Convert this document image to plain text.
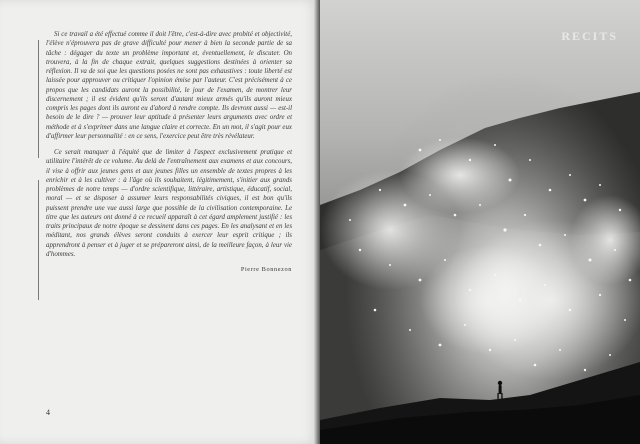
Si ce travail a été effectué comme il doit l'être, c'est-à-dire avec probité et objectivité, l'élève n'éprouvera pas de grave difficulté pour mener à bien la seconde partie de sa tâche : dégager du texte un problème important et, éventuellement, le discuter. On trouvera, à la fin de chaque extrait, quelques suggestions destinées à orienter sa réflexion. Il va de soi que les questions posées ne sont pas exhaustives : toute liberté est laissée pour approuver ou critiquer l'opinion émise par l'auteur. C'est précisément à ce propos que les candidats auront la possibilité, le jour de l'examen, de montrer leur discernement ; il est évident qu'ils seront d'autant mieux armés qu'ils auront mieux compris les pages dont ils auront eu d'abord à rendre compte. Ils devront aussi — est-il besoin de le dire ? — prouver leur aptitude à présenter leurs arguments avec ordre et méthode et à s'exprimer dans une langue claire et correcte. En un mot, il s'agit pour eux d'affirmer leur personnalité : en ce sens, l'exercice peut être très révélateur.

Ce serait manquer à l'équité que de limiter à l'aspect exclusivement pratique et utilitaire l'intérêt de ce volume. Au delà de l'entraînement aux examens et aux concours, il vise à offrir aux jeunes gens et aux jeunes filles un ensemble de textes propres à les enrichir et à les cultiver : à l'âge où ils souhaitent, légitimement, s'initier aux grands problèmes de notre temps — d'ordre scientifique, littéraire, artistique, éducatif, social, moral — et se disposer à assumer leurs responsabilités civiques, il est bon qu'ils puissent prendre une vue aussi large que possible de la civilisation contemporaine. Le titre que les auteurs ont donné à ce recueil apparaît à cet égard amplement justifié : les traits principaux de notre époque se dessinent dans ces pages. En les analysant et en les méditant, nos grands élèves seront conduits à exercer leur esprit critique ; ils apprendront à penser et à juger et se prépareront ainsi, de la meilleure façon, à leur vie d'hommes.

Pierre Bonnezon

4
RECITS
